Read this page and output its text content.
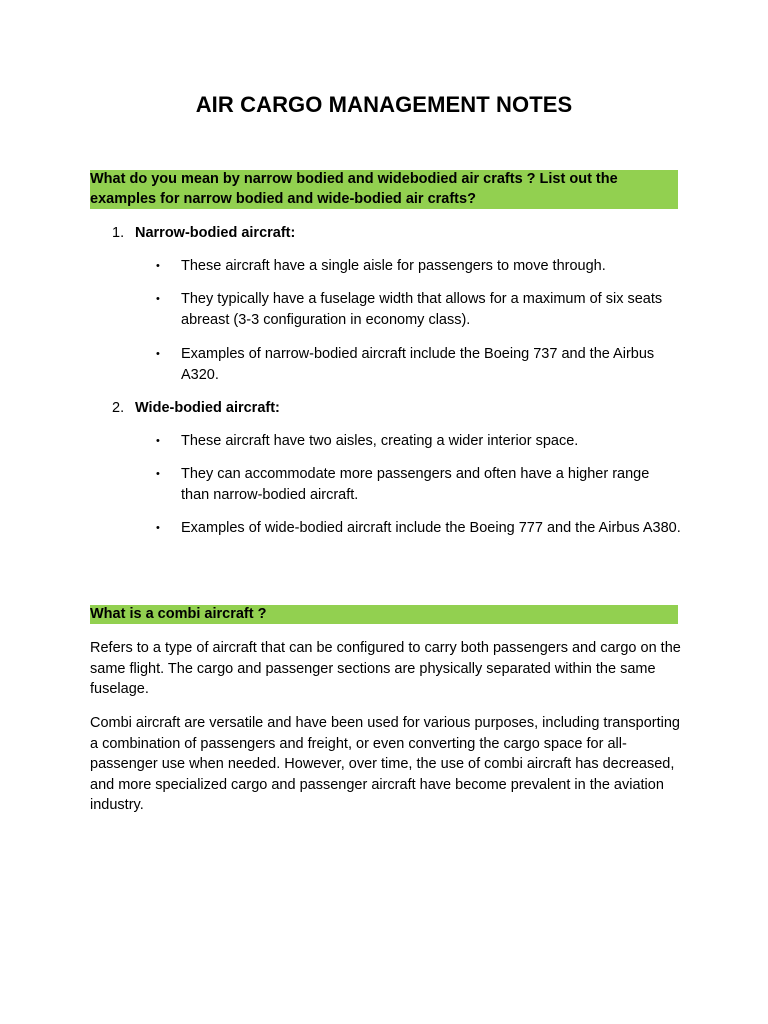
AIR CARGO MANAGEMENT NOTES
What do you mean by narrow bodied and widebodied air crafts ? List out the examples for narrow bodied and wide-bodied air crafts?
1. Narrow-bodied aircraft:
• These aircraft have a single aisle for passengers to move through.
• They typically have a fuselage width that allows for a maximum of six seats abreast (3-3 configuration in economy class).
• Examples of narrow-bodied aircraft include the Boeing 737 and the Airbus A320.
2. Wide-bodied aircraft:
• These aircraft have two aisles, creating a wider interior space.
• They can accommodate more passengers and often have a higher range than narrow-bodied aircraft.
• Examples of wide-bodied aircraft include the Boeing 777 and the Airbus A380.
What is a combi aircraft ?

Refers to a type of aircraft that can be configured to carry both passengers and cargo on the same flight. The cargo and passenger sections are physically separated within the same fuselage.

Combi aircraft are versatile and have been used for various purposes, including transporting a combination of passengers and freight, or even converting the cargo space for all-passenger use when needed. However, over time, the use of combi aircraft has decreased, and more specialized cargo and passenger aircraft have become prevalent in the aviation industry.
